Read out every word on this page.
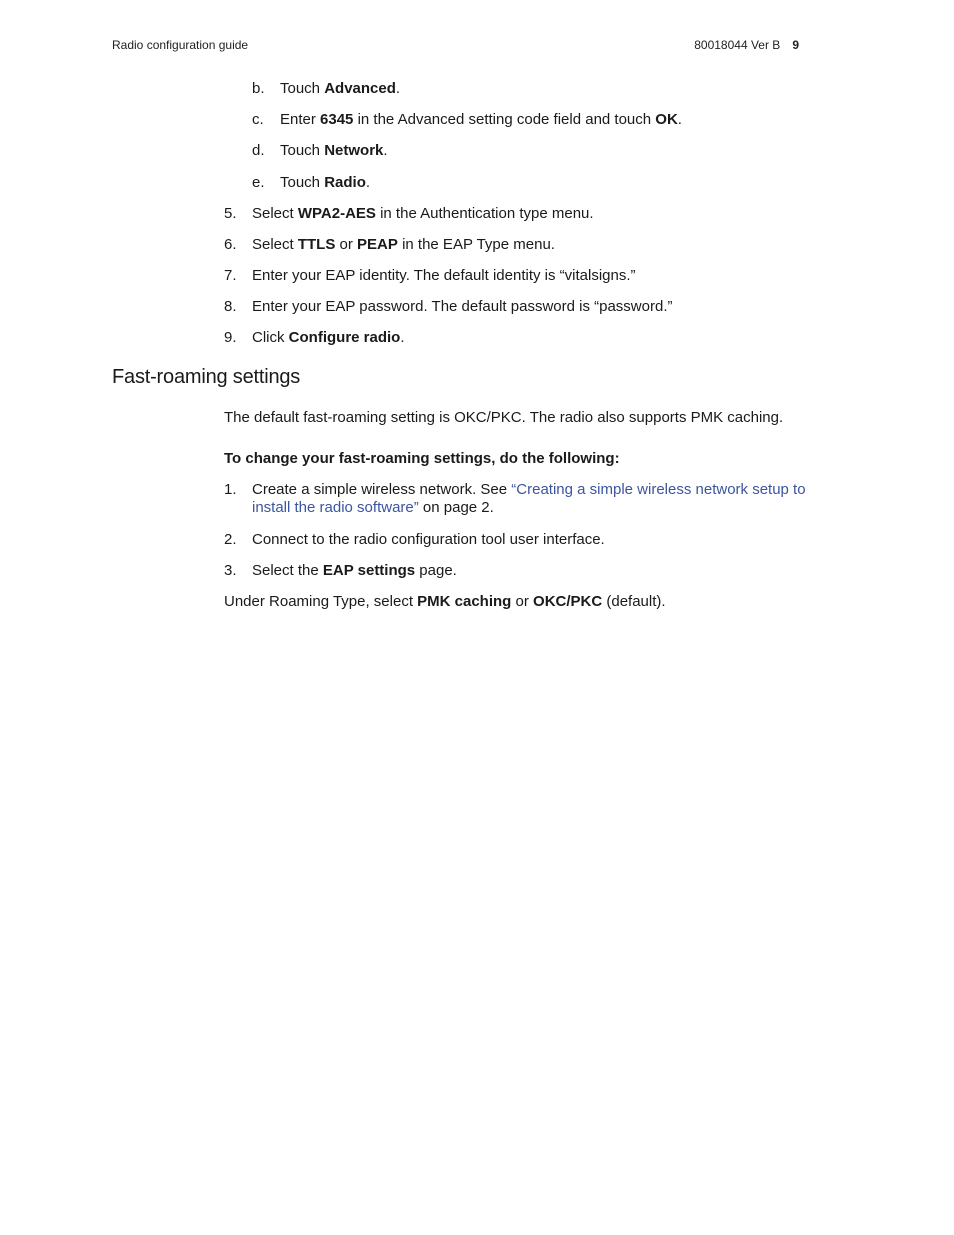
Radio configuration guide	80018044 Ver B 9
b. Touch Advanced.
c. Enter 6345 in the Advanced setting code field and touch OK.
d. Touch Network.
e. Touch Radio.
5. Select WPA2-AES in the Authentication type menu.
6. Select TTLS or PEAP in the EAP Type menu.
7. Enter your EAP identity. The default identity is “vitalsigns.”
8. Enter your EAP password. The default password is “password.”
9. Click Configure radio.
Fast-roaming settings
The default fast-roaming setting is OKC/PKC. The radio also supports PMK caching.
To change your fast-roaming settings, do the following:
1. Create a simple wireless network. See “Creating a simple wireless network setup to
install the radio software” on page 2.
2. Connect to the radio configuration tool user interface.
3. Select the EAP settings page.
Under Roaming Type, select PMK caching or OKC/PKC (default).
